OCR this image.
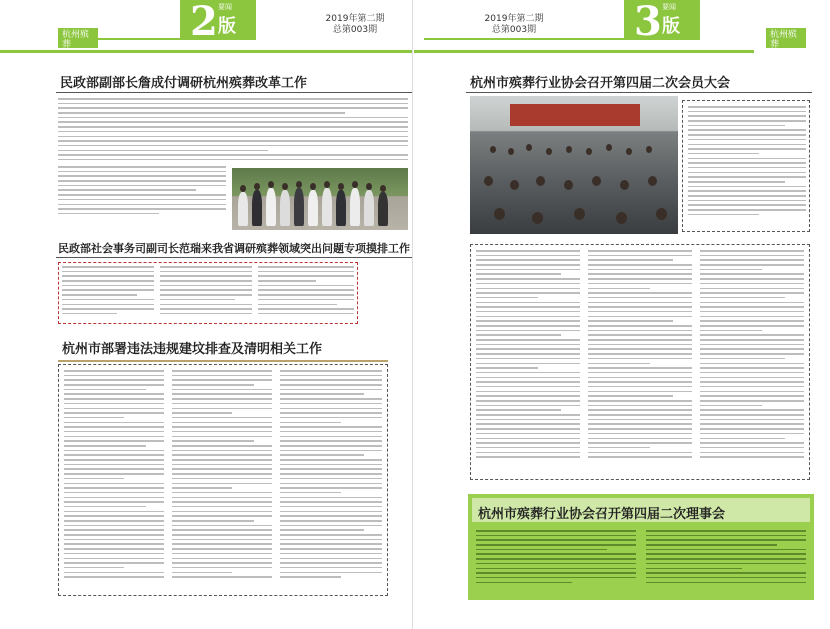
杭州殡葬	2 要闻
版	2019年第二期
总第003期
民政部副部长詹成付调研杭州殡葬改革工作
民政部社会事务司副司长范瑞来我省调研殡葬领域突出问题专项摸排工作
杭州市部署违法违规建坟排查及清明相关工作
2019年第二期
总第003期	3 要闻
版	杭州殡葬
杭州市殡葬行业协会召开第四届二次会员大会
杭州市殡葬行业协会召开第四届二次理事会
